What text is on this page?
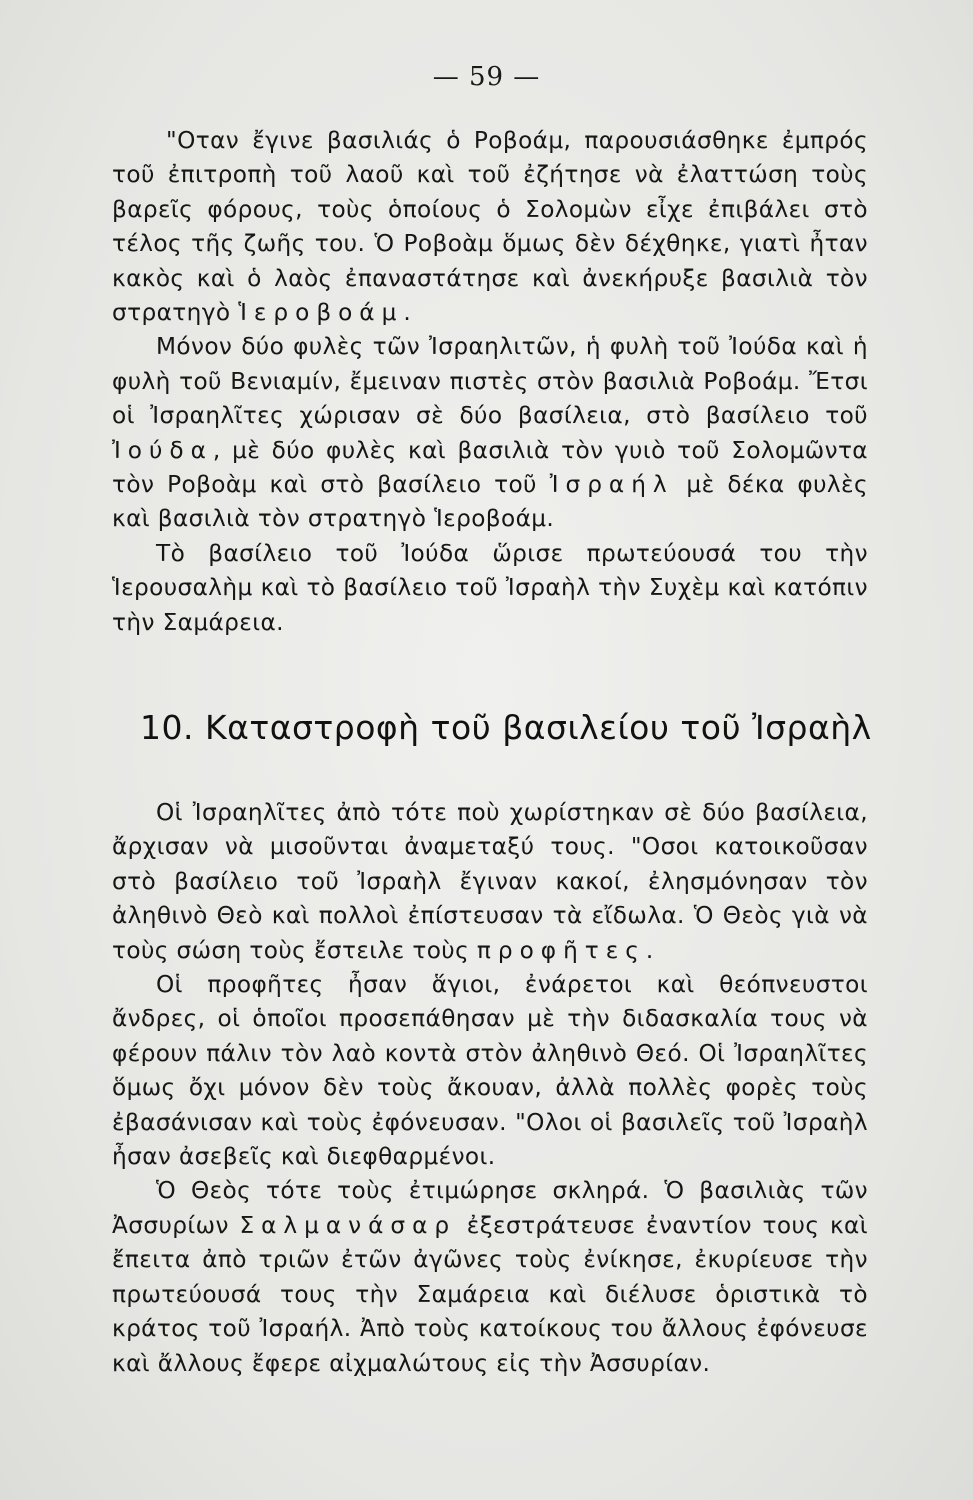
— 59 —

"Οταν ἔγινε βασιλιάς ὁ Ροβοάμ, παρουσιάσθηκε ἐμπρός τοῦ ἐπιτροπὴ τοῦ λαοῦ καὶ τοῦ ἐζήτησε νὰ ἐλαττώση τοὺς βαρεῖς φόρους, τοὺς ὁποίους ὁ Σολομὼν εἶχε ἐπιβάλει στὸ τέλος τῆς ζωῆς του. Ὁ Ροβοὰμ ὅμως δὲν δέχθηκε, γιατὶ ἦταν κακὸς καὶ ὁ λαὸς ἐπαναστάτησε καὶ ἀνεκήρυξε βασιλιὰ τὸν στρατηγὸ Ἱεροβοάμ.

Μόνον δύο φυλὲς τῶν Ἰσραηλιτῶν, ἡ φυλὴ τοῦ Ἰούδα καὶ ἡ φυλὴ τοῦ Βενιαμίν, ἔμειναν πιστὲς στὸν βασιλιὰ Ροβοάμ. Ἔτσι οἱ Ἰσραηλῖτες χώρισαν σὲ δύο βασίλεια, στὸ βασίλειο τοῦ Ἰούδα, μὲ δύο φυλὲς καὶ βασιλιὰ τὸν γυιὸ τοῦ Σολομῶντα τὸν Ροβοὰμ καὶ στὸ βασίλειο τοῦ Ἰσραήλ μὲ δέκα φυλὲς καὶ βασιλιὰ τὸν στρατηγὸ Ἱεροβοάμ.

Τὸ βασίλειο τοῦ Ἰούδα ὥρισε πρωτεύουσά του τὴν Ἱερουσαλὴμ καὶ τὸ βασίλειο τοῦ Ἰσραὴλ τὴν Συχὲμ καὶ κατόπιν τὴν Σαμάρεια.

10. Καταστροφὴ τοῦ βασιλείου τοῦ Ἰσραὴλ

Οἱ Ἰσραηλῖτες ἀπὸ τότε ποὺ χωρίστηκαν σὲ δύο βασίλεια, ἄρχισαν νὰ μισοῦνται ἀναμεταξύ τους. "Οσοι κατοικοῦσαν στὸ βασίλειο τοῦ Ἰσραὴλ ἔγιναν κακοί, ἐλησμόνησαν τὸν ἀληθινὸ Θεὸ καὶ πολλοὶ ἐπίστευσαν τὰ εἴδωλα. Ὁ Θεὸς γιὰ νὰ τοὺς σώση τοὺς ἔστειλε τοὺς προφῆτες.

Οἱ προφῆτες ἦσαν ἅγιοι, ἐνάρετοι καὶ θεόπνευστοι ἄνδρες, οἱ ὁποῖοι προσεπάθησαν μὲ τὴν διδασκαλία τους νὰ φέρουν πάλιν τὸν λαὸ κοντὰ στὸν ἀληθινὸ Θεό. Οἱ Ἰσραηλῖτες ὅμως ὄχι μόνον δὲν τοὺς ἄκουαν, ἀλλὰ πολλὲς φορὲς τοὺς ἐβασάνισαν καὶ τοὺς ἐφόνευσαν. "Ολοι οἱ βασιλεῖς τοῦ Ἰσραὴλ ἦσαν ἀσεβεῖς καὶ διεφθαρμένοι.

Ὁ Θεὸς τότε τοὺς ἐτιμώρησε σκληρά. Ὁ βασιλιὰς τῶν Ἀσσυρίων Σαλμανάσαρ ἐξεστράτευσε ἐναντίον τους καὶ ἔπειτα ἀπὸ τριῶν ἐτῶν ἀγῶνες τοὺς ἐνίκησε, ἐκυρίευσε τὴν πρωτεύουσά τους τὴν Σαμάρεια καὶ διέλυσε ὁριστικὰ τὸ κράτος τοῦ Ἰσραήλ. Ἀπὸ τοὺς κατοίκους του ἄλλους ἐφόνευσε καὶ ἄλλους ἔφερε αἰχμαλώτους εἰς τὴν Ἀσσυρίαν.
